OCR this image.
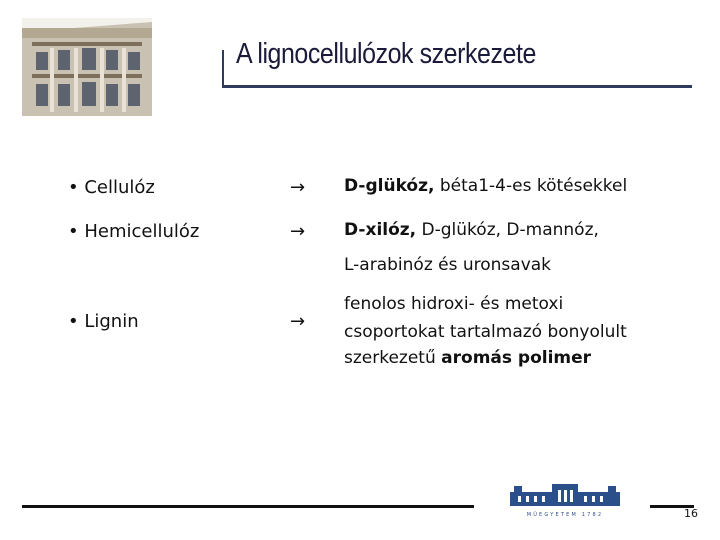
A lignocellulózok szerkezete
• Cellulóz	→ D-glükóz, béta1-4-es kötésekkel
• Hemicellulóz	→ D-xilóz, D-glükóz, D-mannóz,
L-arabinóz és uronsavak
• Lignin	→
fenolos hidroxi- és metoxi
csoportokat tartalmazó bonyolult
szerkezetű aromás polimer
MŰEGYETEM 1782	16
